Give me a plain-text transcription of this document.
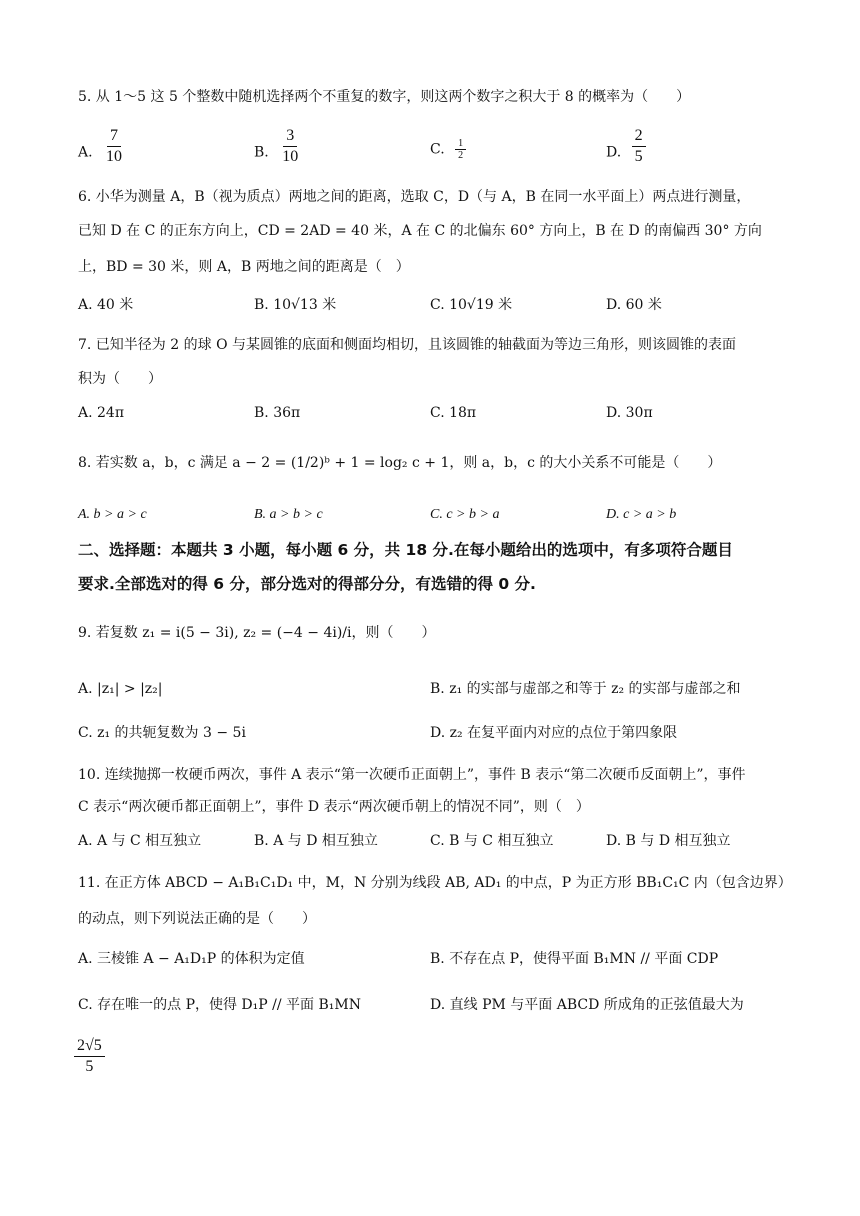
5. 从 1～5 这 5 个整数中随机选择两个不重复的数字，则这两个数字之积大于 8 的概率为（　　）
A. $\frac{7}{10}$	B. $\frac{3}{10}$	C. $\frac{1}{2}$	D. $\frac{2}{5}$
6. 小华为测量 A，B（视为质点）两地之间的距离，选取 C，D（与 A，B 在同一水平面上）两点进行测量，
已知 D 在 C 的正东方向上，CD = 2AD = 40 米，A 在 C 的北偏东 60° 方向上，B 在 D 的南偏西 30° 方向
上，BD = 30 米，则 A，B 两地之间的距离是（　）
A. 40 米	B. 10√13 米	C. 10√19 米	D. 60 米
7. 已知半径为 2 的球 O 与某圆锥的底面和侧面均相切，且该圆锥的轴截面为等边三角形，则该圆锥的表面
积为（　　）
A. 24π	B. 36π	C. 18π	D. 30π
8. 若实数 a，b，c 满足 a − 2 = (1/2)ᵇ + 1 = log₂ c + 1，则 a，b，c 的大小关系不可能是（　　）
A. b > a > c	B. a > b > c	C. c > b > a	D. c > a > b
二、选择题：本题共 3 小题，每小题 6 分，共 18 分.在每小题给出的选项中，有多项符合题目
要求.全部选对的得 6 分，部分选对的得部分分，有选错的得 0 分.
9. 若复数 z₁ = i(5 − 3i), z₂ = (−4 − 4i)/i，则（　　）
A. |z₁| > |z₂|	B. z₁ 的实部与虚部之和等于 z₂ 的实部与虚部之和
C. z₁ 的共轭复数为 3 − 5i	D. z₂ 在复平面内对应的点位于第四象限
10. 连续抛掷一枚硬币两次，事件 A 表示“第一次硬币正面朝上”，事件 B 表示“第二次硬币反面朝上”，事件
C 表示“两次硬币都正面朝上”，事件 D 表示“两次硬币朝上的情况不同”，则（　）
A. A 与 C 相互独立	B. A 与 D 相互独立	C. B 与 C 相互独立	D. B 与 D 相互独立
11. 在正方体 ABCD − A₁B₁C₁D₁ 中，M，N 分别为线段 AB, AD₁ 的中点，P 为正方形 BB₁C₁C 内（包含边界）
的动点，则下列说法正确的是（　　）
A. 三棱锥 A − A₁D₁P 的体积为定值	B. 不存在点 P，使得平面 B₁MN // 平面 CDP
C. 存在唯一的点 P，使得 D₁P // 平面 B₁MN	D. 直线 PM 与平面 ABCD 所成角的正弦值最大为
$\frac{2√5}{5}$
